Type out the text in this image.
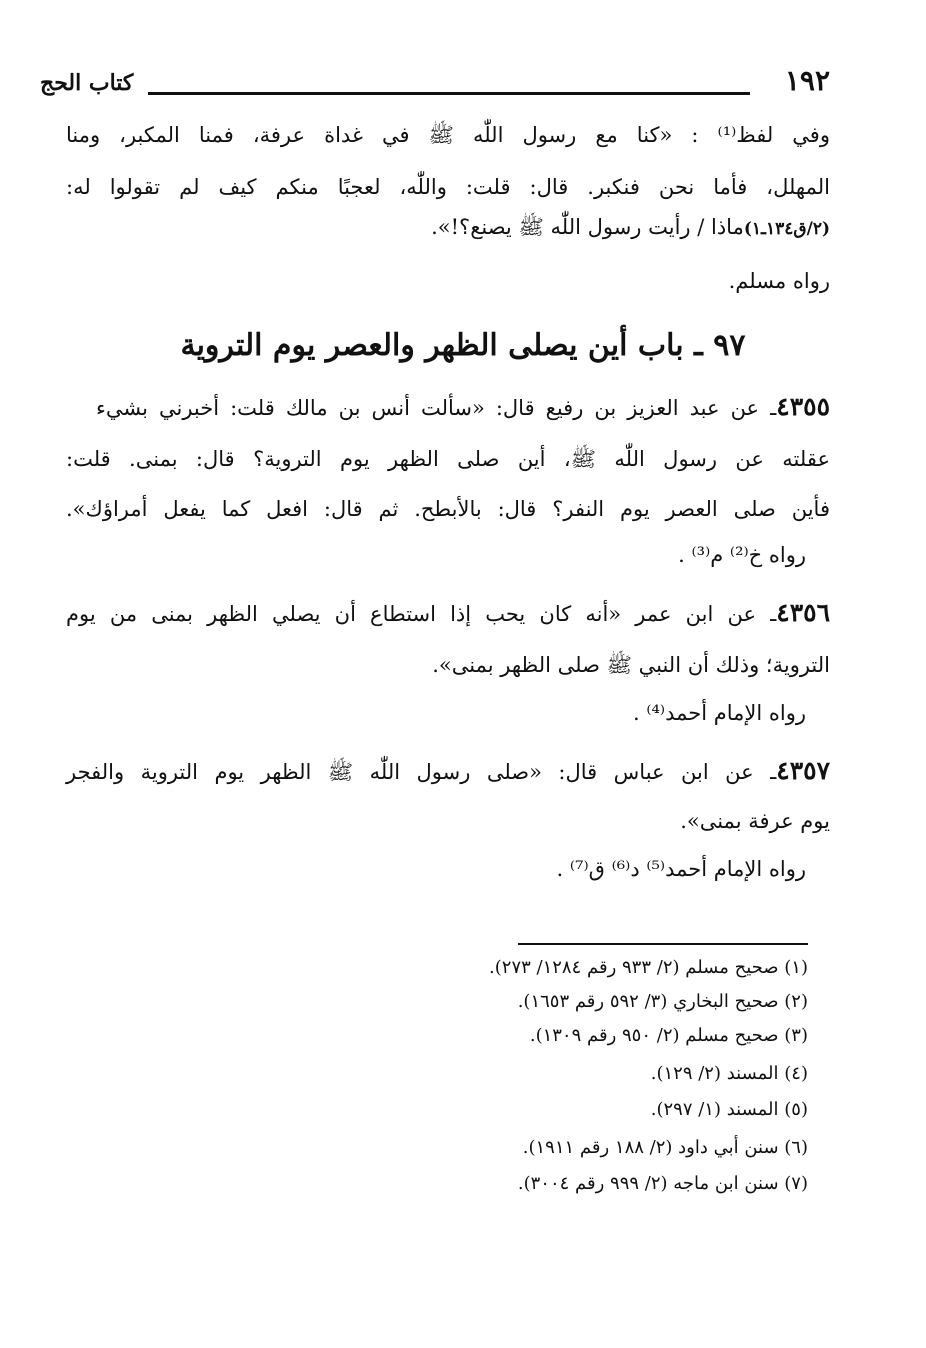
١٩٢
كتاب الحج
وفي لفظ⁽¹⁾ : «كنا مع رسول اللّٰه ﷺ في غداة عرفة، فمنا المكبر، ومنا
المهلل، فأما نحن فنكبر. قال: قلت: واللّٰه، لعجبًا منكم كيف لم تقولوا له:
(٢/ق١٣٤ـ١)ماذا / رأيت رسول اللّٰه ﷺ يصنع؟!».
رواه مسلم.
٩٧ ـ باب أين يصلى الظهر والعصر يوم التروية
٤٣٥٥ـ عن عبد العزيز بن رفيع قال: «سألت أنس بن مالك قلت: أخبرني بشيء
عقلته عن رسول اللّٰه ﷺ، أين صلى الظهر يوم التروية؟ قال: بمنى. قلت:
فأين صلى العصر يوم النفر؟ قال: بالأبطح. ثم قال: افعل كما يفعل أمراؤك».
رواه خ⁽²⁾ م⁽³⁾ .
٤٣٥٦ـ عن ابن عمر «أنه كان يحب إذا استطاع أن يصلي الظهر بمنى من يوم
التروية؛ وذلك أن النبي ﷺ صلى الظهر بمنى».
رواه الإمام أحمد⁽⁴⁾ .
٤٣٥٧ـ عن ابن عباس قال: «صلى رسول اللّٰه ﷺ الظهر يوم التروية والفجر
يوم عرفة بمنى».
رواه الإمام أحمد⁽⁵⁾ د⁽⁶⁾ ق⁽⁷⁾ .
(١) صحيح مسلم (٢/ ٩٣٣ رقم ١٢٨٤/ ٢٧٣).
(٢) صحيح البخاري (٣/ ٥٩٢ رقم ١٦٥٣).
(٣) صحيح مسلم (٢/ ٩٥٠ رقم ١٣٠٩).
(٤) المسند (٢/ ١٢٩).
(٥) المسند (١/ ٢٩٧).
(٦) سنن أبي داود (٢/ ١٨٨ رقم ١٩١١).
(٧) سنن ابن ماجه (٢/ ٩٩٩ رقم ٣٠٠٤).
